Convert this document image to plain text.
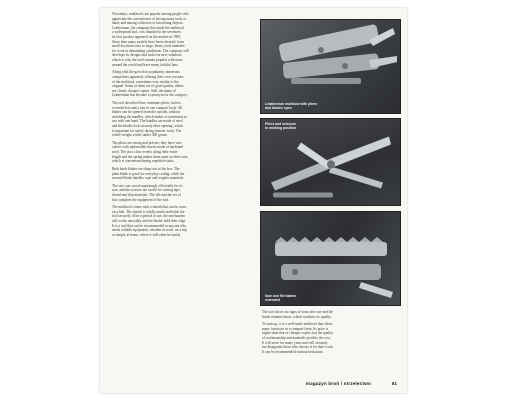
Nowadays, multitools are popular among people who
appreciate the convenience of having many tools at
hand, and among collectors of interesting objects.
Leatherman, the company that made the multitool
a widespread tool, was founded in the seventies;
its first product appeared on the market in 1983.
Since then many models have been released, from
small keychain ones to large, heavy tools intended
for work in demanding conditions. The company still
develops its designs and looks for new solutions,
which is why the tools remain popular with users
around the world and have many faithful fans.
Along with the growth in popularity, numerous
competitors appeared, offering their own versions
of the multitool, sometimes very similar to the
original. Some of them are of good quality, others
are clearly cheaper copies. Still, the name of
Leatherman has become a synonym for the category.
The tool described here combines pliers, knives,
screwdrivers and a saw in one compact body. All
blades can be opened from the outside, without
unfolding the handles, which makes it convenient to
use with one hand. The handles are made of steel
and the blades lock securely after opening, which
is important for safety during heavier work. The
whole weighs a little under 300 grams.
The pliers are strong and precise; they have wire
cutters with replaceable inserts made of hardened
steel. The jaws close evenly along their entire
length and the spring makes them open on their own,
which is convenient during repetitive tasks.
Both knife blades are sharp out of the box. The
plain blade is good for everyday cutting, while the
serrated blade handles rope and tougher materials.
The saw cuts wood surprisingly efficiently for its
size, and the scissors are useful for cutting tape,
thread and thin materials. The file and the set of
bits complete the equipment of the tool.
The multitool comes with a sheath that can be worn
on a belt. The sheath is solidly made and holds the
tool securely. After a period of use, the mechanism
still works smoothly and the blades hold their edge.
It is a tool that can be recommended to anyone who
needs reliable equipment, whether at work, on a trip
or simply at home, where it will often be useful.
Leatherman multitool with pliers
and blades open
Pliers and scissors
in working position
Saw and file blades
extended
The tool shows no signs of wear after use and the
finish remains intact, which confirms its quality.
To sum up, it is a well-made multitool that offers
many functions in a compact form. Its price is
higher than that of cheaper copies, but the quality
of workmanship and materials justifies the cost.
It will serve for many years and will certainly
not disappoint those who choose it for their work.
It can be recommended without hesitation.
magazyn broń i strzelectwo	61
